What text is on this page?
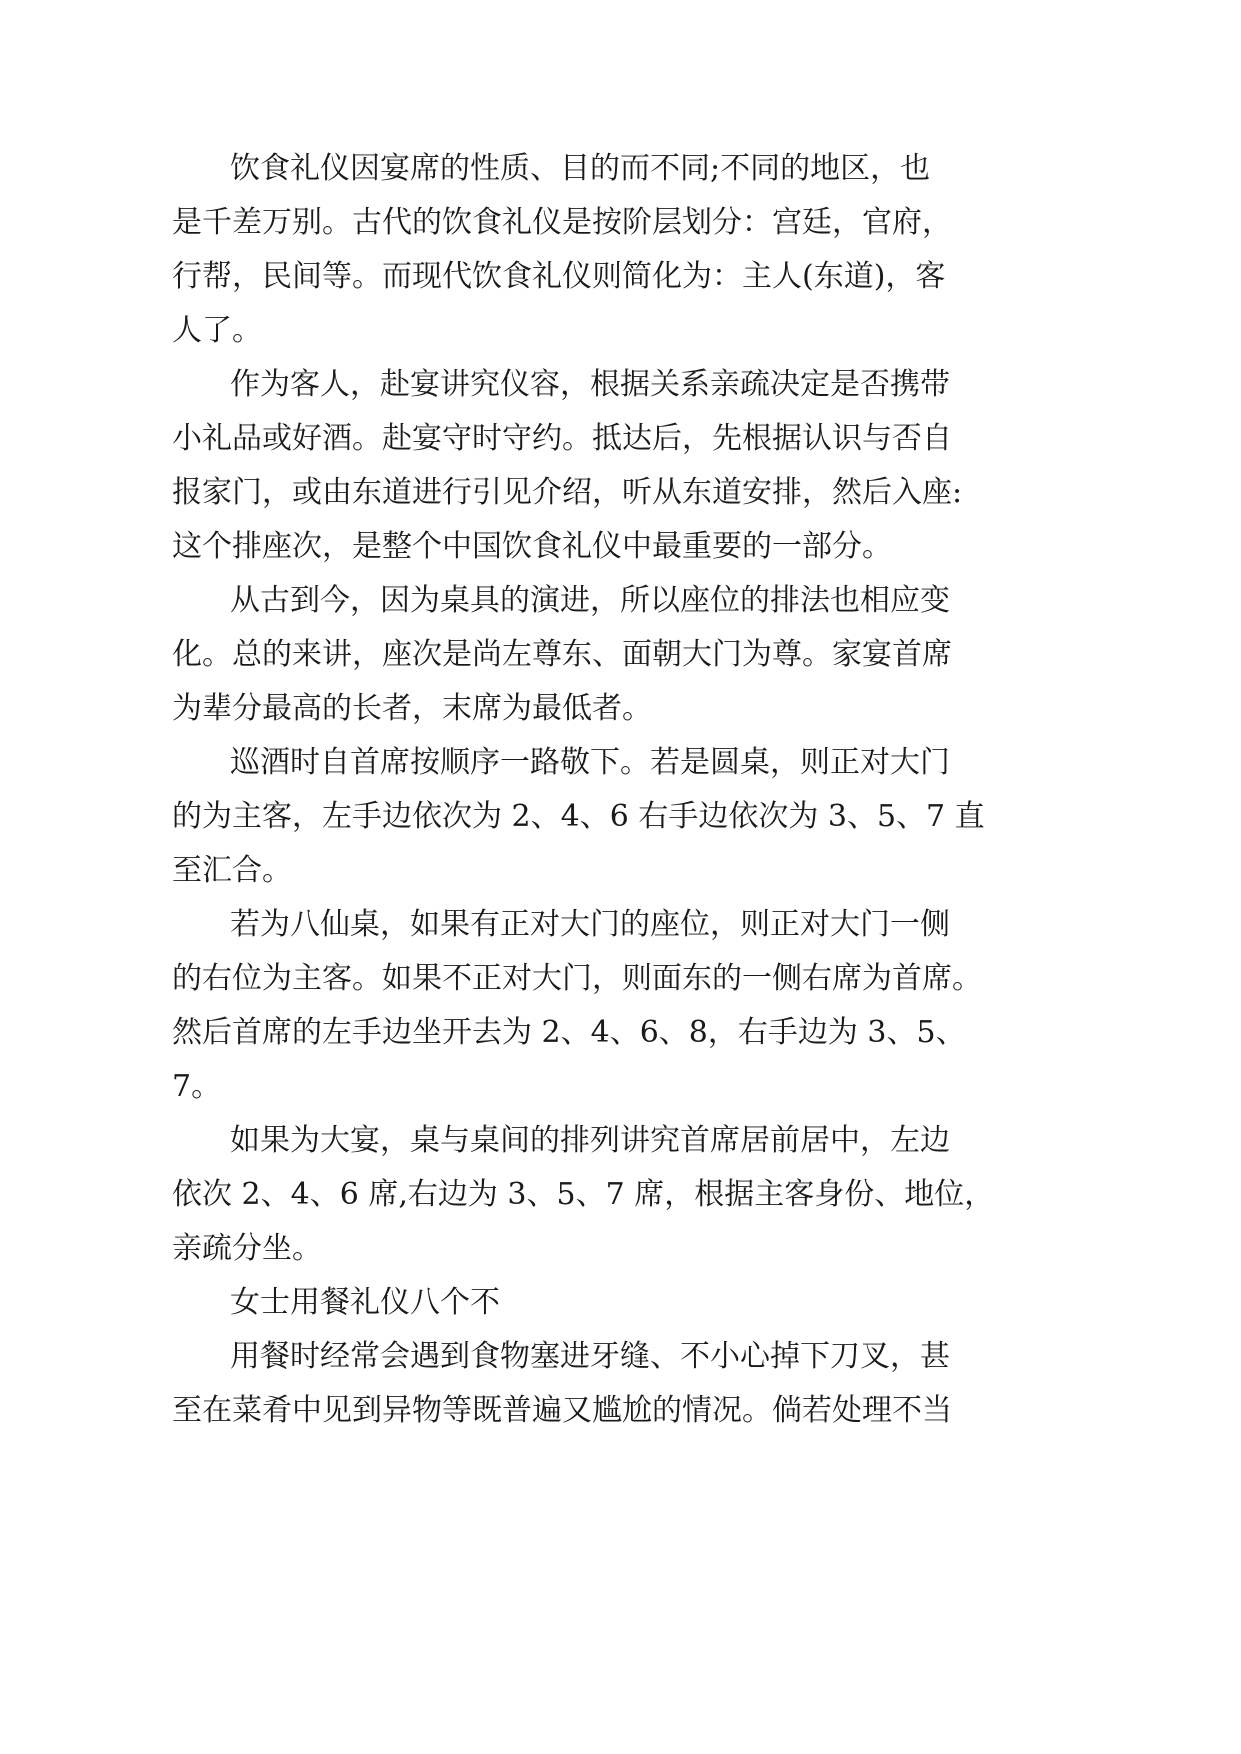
饮食礼仪因宴席的性质、目的而不同;不同的地区，也

是千差万别。古代的饮食礼仪是按阶层划分：宫廷，官府，

行帮，民间等。而现代饮食礼仪则简化为：主人(东道)，客

人了。

作为客人，赴宴讲究仪容，根据关系亲疏决定是否携带

小礼品或好酒。赴宴守时守约。抵达后，先根据认识与否自

报家门，或由东道进行引见介绍，听从东道安排，然后入座:

这个排座次，是整个中国饮食礼仪中最重要的一部分。

从古到今，因为桌具的演进，所以座位的排法也相应变

化。总的来讲，座次是尚左尊东、面朝大门为尊。家宴首席

为辈分最高的长者，末席为最低者。

巡酒时自首席按顺序一路敬下。若是圆桌，则正对大门

的为主客，左手边依次为 2、4、6 右手边依次为 3、5、7 直

至汇合。

若为八仙桌，如果有正对大门的座位，则正对大门一侧

的右位为主客。如果不正对大门，则面东的一侧右席为首席。

然后首席的左手边坐开去为 2、4、6、8，右手边为 3、5、

7。

如果为大宴，桌与桌间的排列讲究首席居前居中，左边

依次 2、4、6 席,右边为 3、5、7 席，根据主客身份、地位，

亲疏分坐。

女士用餐礼仪八个不

用餐时经常会遇到食物塞进牙缝、不小心掉下刀叉，甚

至在菜肴中见到异物等既普遍又尴尬的情况。倘若处理不当
